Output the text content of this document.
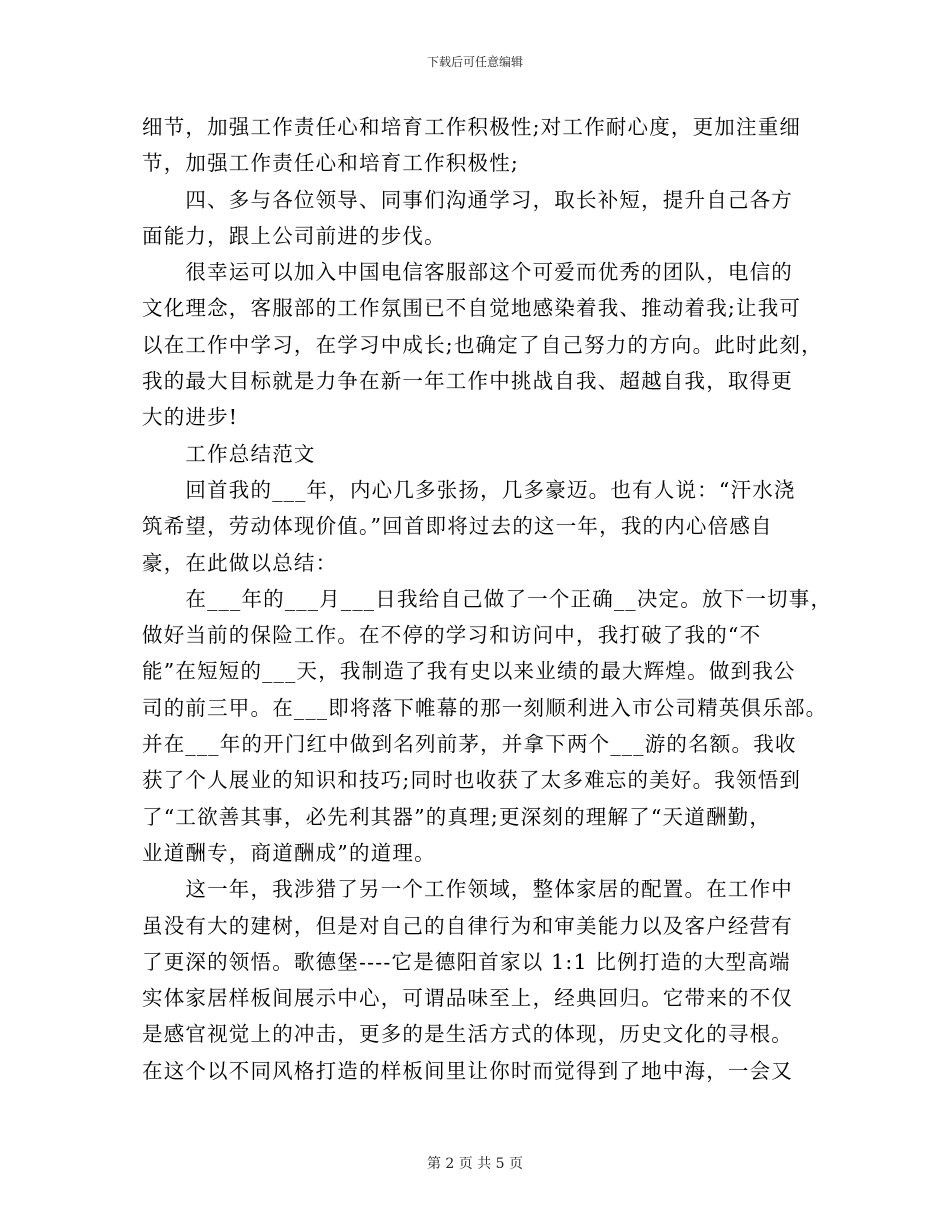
下载后可任意编辑
细节，加强工作责任心和培育工作积极性;对工作耐心度，更加注重细
节，加强工作责任心和培育工作积极性;
　　四、多与各位领导、同事们沟通学习，取长补短，提升自己各方
面能力，跟上公司前进的步伐。
　　很幸运可以加入中国电信客服部这个可爱而优秀的团队，电信的
文化理念，客服部的工作氛围已不自觉地感染着我、推动着我;让我可
以在工作中学习，在学习中成长;也确定了自己努力的方向。此时此刻，
我的最大目标就是力争在新一年工作中挑战自我、超越自我，取得更
大的进步!
　　工作总结范文
　　回首我的___年，内心几多张扬，几多豪迈。也有人说：“汗水浇
筑希望，劳动体现价值。”回首即将过去的这一年，我的内心倍感自
豪，在此做以总结：
　　在___年的___月___日我给自己做了一个正确__决定。放下一切事，
做好当前的保险工作。在不停的学习和访问中，我打破了我的“不
能”在短短的___天，我制造了我有史以来业绩的最大辉煌。做到我公
司的前三甲。在___即将落下帷幕的那一刻顺利进入市公司精英俱乐部。
并在___年的开门红中做到名列前茅，并拿下两个___游的名额。我收
获了个人展业的知识和技巧;同时也收获了太多难忘的美好。我领悟到
了“工欲善其事，必先利其器”的真理;更深刻的理解了“天道酬勤，
业道酬专，商道酬成”的道理。
　　这一年，我涉猎了另一个工作领域，整体家居的配置。在工作中
虽没有大的建树，但是对自己的自律行为和审美能力以及客户经营有
了更深的领悟。歌德堡----它是德阳首家以 1:1 比例打造的大型高端
实体家居样板间展示中心，可谓品味至上，经典回归。它带来的不仅
是感官视觉上的冲击，更多的是生活方式的体现，历史文化的寻根。
在这个以不同风格打造的样板间里让你时而觉得到了地中海，一会又
第 2 页 共 5 页
